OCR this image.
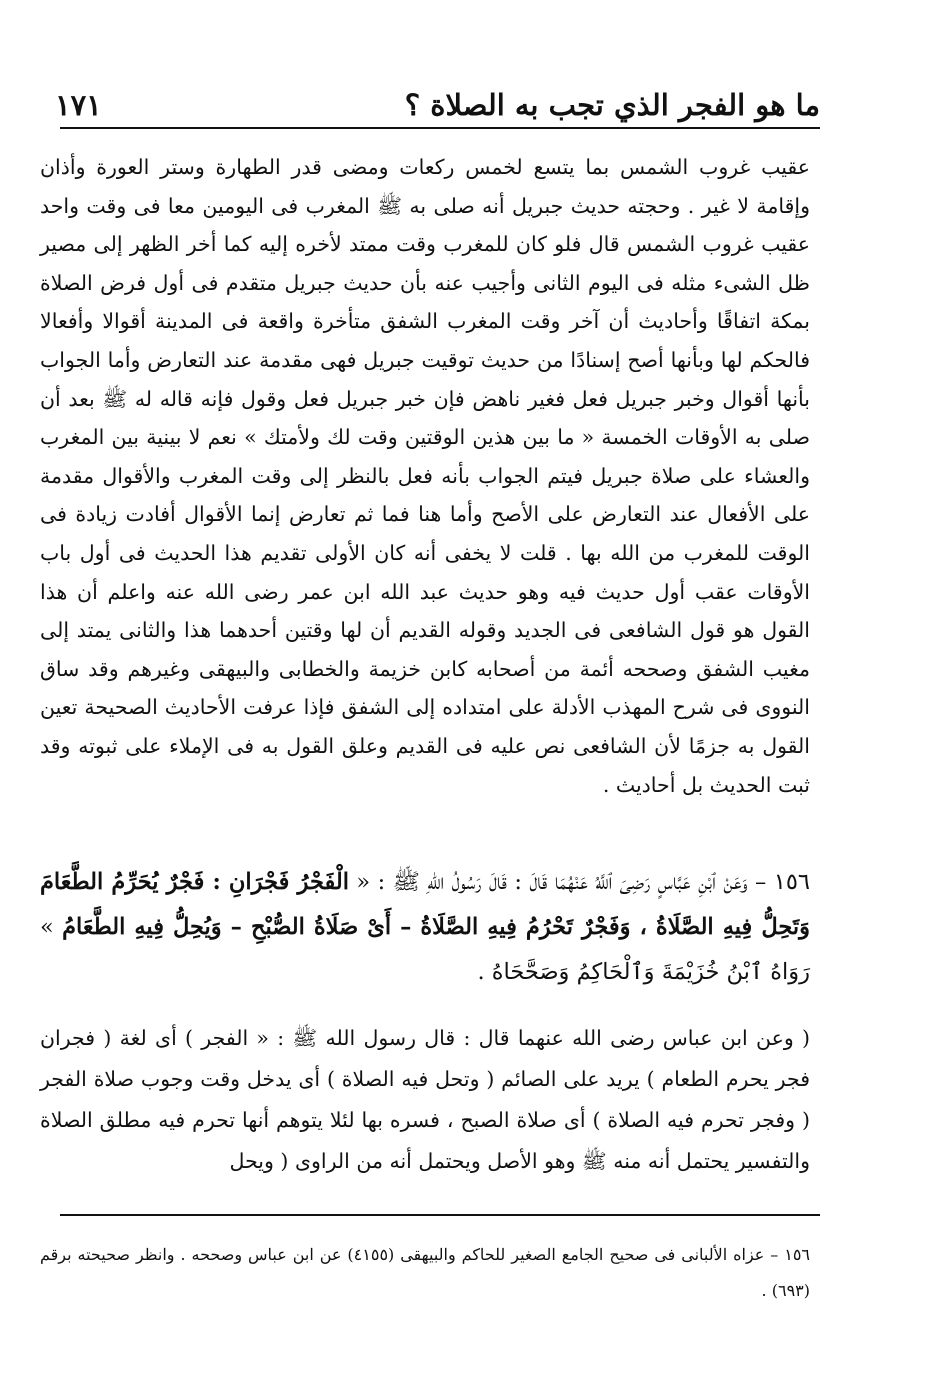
ما هو الفجر الذي تجب به الصلاة ؟
١٧١

عقيب غروب الشمس بما يتسع لخمس ركعات ومضى قدر الطهارة وستر العورة وأذان وإقامة لا غير . وحجته حديث جبريل أنه صلى به ﷺ المغرب فى اليومين معا فى وقت واحد عقيب غروب الشمس قال فلو كان للمغرب وقت ممتد لأخره إليه كما أخر الظهر إلى مصير ظل الشىء مثله فى اليوم الثانى وأجيب عنه بأن حديث جبريل متقدم فى أول فرض الصلاة بمكة اتفاقًا وأحاديث أن آخر وقت المغرب الشفق متأخرة واقعة فى المدينة أقوالا وأفعالا فالحكم لها وبأنها أصح إسنادًا من حديث توقيت جبريل فهى مقدمة عند التعارض وأما الجواب بأنها أقوال وخبر جبريل فعل فغير ناهض فإن خبر جبريل فعل وقول فإنه قاله له ﷺ بعد أن صلى به الأوقات الخمسة « ما بين هذين الوقتين وقت لك ولأمتك » نعم لا بينية بين المغرب والعشاء على صلاة جبريل فيتم الجواب بأنه فعل بالنظر إلى وقت المغرب والأقوال مقدمة على الأفعال عند التعارض على الأصح وأما هنا فما ثم تعارض إنما الأقوال أفادت زيادة فى الوقت للمغرب من الله بها . قلت لا يخفى أنه كان الأولى تقديم هذا الحديث فى أول باب الأوقات عقب أول حديث فيه وهو حديث عبد الله ابن عمر رضى الله عنه واعلم أن هذا القول هو قول الشافعى فى الجديد وقوله القديم أن لها وقتين أحدهما هذا والثانى يمتد إلى مغيب الشفق وصححه أئمة من أصحابه كابن خزيمة والخطابى والبيهقى وغيرهم وقد ساق النووى فى شرح المهذب الأدلة على امتداده إلى الشفق فإذا عرفت الأحاديث الصحيحة تعين القول به جزمًا لأن الشافعى نص عليه فى القديم وعلق القول به فى الإملاء على ثبوته وقد ثبت الحديث بل أحاديث .

١٥٦ – وَعَنْ ٱبْنِ عَبَّاسٍ رَضِىَ ٱللَّهُ عَنْهُمَا قَالَ : قَالَ رَسُولُ اللهِ ﷺ : « الْفَجْرُ فَجْرَانِ : فَجْرٌ يُحَرِّمُ الطَّعَامَ وَتَحِلُّ فِيهِ الصَّلَاةُ ، وَفَجْرٌ تَحْرُمُ فِيهِ الصَّلَاةُ – أَىْ صَلَاةُ الصُّبْحِ – وَيُحِلُّ فِيهِ الطَّعَامُ » رَوَاهُ ٱبْنُ خُزَيْمَةَ وَٱلْحَاكِمُ وَصَحَّحَاهُ .

( وعن ابن عباس رضى الله عنهما قال : قال رسول الله ﷺ : « الفجر ) أى لغة ( فجران فجر يحرم الطعام ) يريد على الصائم ( وتحل فيه الصلاة ) أى يدخل وقت وجوب صلاة الفجر ( وفجر تحرم فيه الصلاة ) أى صلاة الصبح ، فسره بها لئلا يتوهم أنها تحرم فيه مطلق الصلاة والتفسير يحتمل أنه منه ﷺ وهو الأصل ويحتمل أنه من الراوى ( ويحل

١٥٦ – عزاه الألبانى فى صحيح الجامع الصغير للحاكم والبيهقى (٤١٥٥) عن ابن عباس وصححه . وانظر صحيحته برقم (٦٩٣) .
